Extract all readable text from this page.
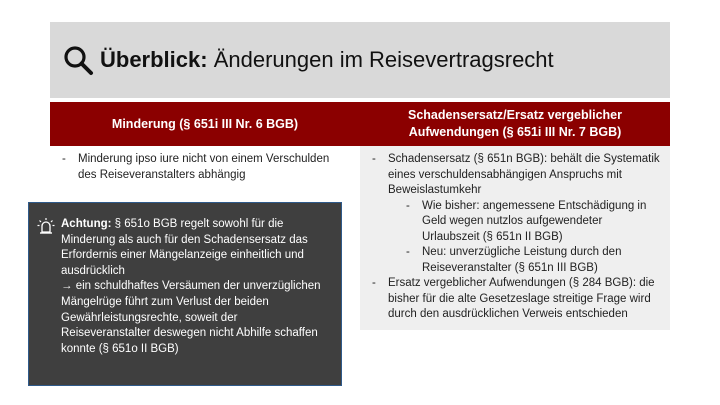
Überblick: Änderungen im Reisevertragsrecht
Minderung (§ 651i III Nr. 6 BGB)
Schadensersatz/Ersatz vergeblicher Aufwendungen (§ 651i III Nr. 7 BGB)
- Minderung ipso iure nicht von einem Verschulden des Reiseveranstalters abhängig
- Schadensersatz (§ 651n BGB): behält die Systematik eines verschuldensabhängigen Anspruchs mit Beweislastumkehr
- Wie bisher: angemessene Entschädigung in Geld wegen nutzlos aufgewendeter Urlaubszeit (§ 651n II BGB)
- Neu: unverzügliche Leistung durch den Reiseveranstalter (§ 651n III BGB)
- Ersatz vergeblicher Aufwendungen (§ 284 BGB): die bisher für die alte Gesetzeslage streitige Frage wird durch den ausdrücklichen Verweis entschieden
Achtung: § 651o BGB regelt sowohl für die Minderung als auch für den Schadensersatz das Erfordernis einer Mängelanzeige einheitlich und ausdrücklich
→ ein schuldhaftes Versäumen der unverzüglichen Mängelrüge führt zum Verlust der beiden Gewährleistungsrechte, soweit der Reiseveranstalter deswegen nicht Abhilfe schaffen konnte (§ 651o II BGB)
